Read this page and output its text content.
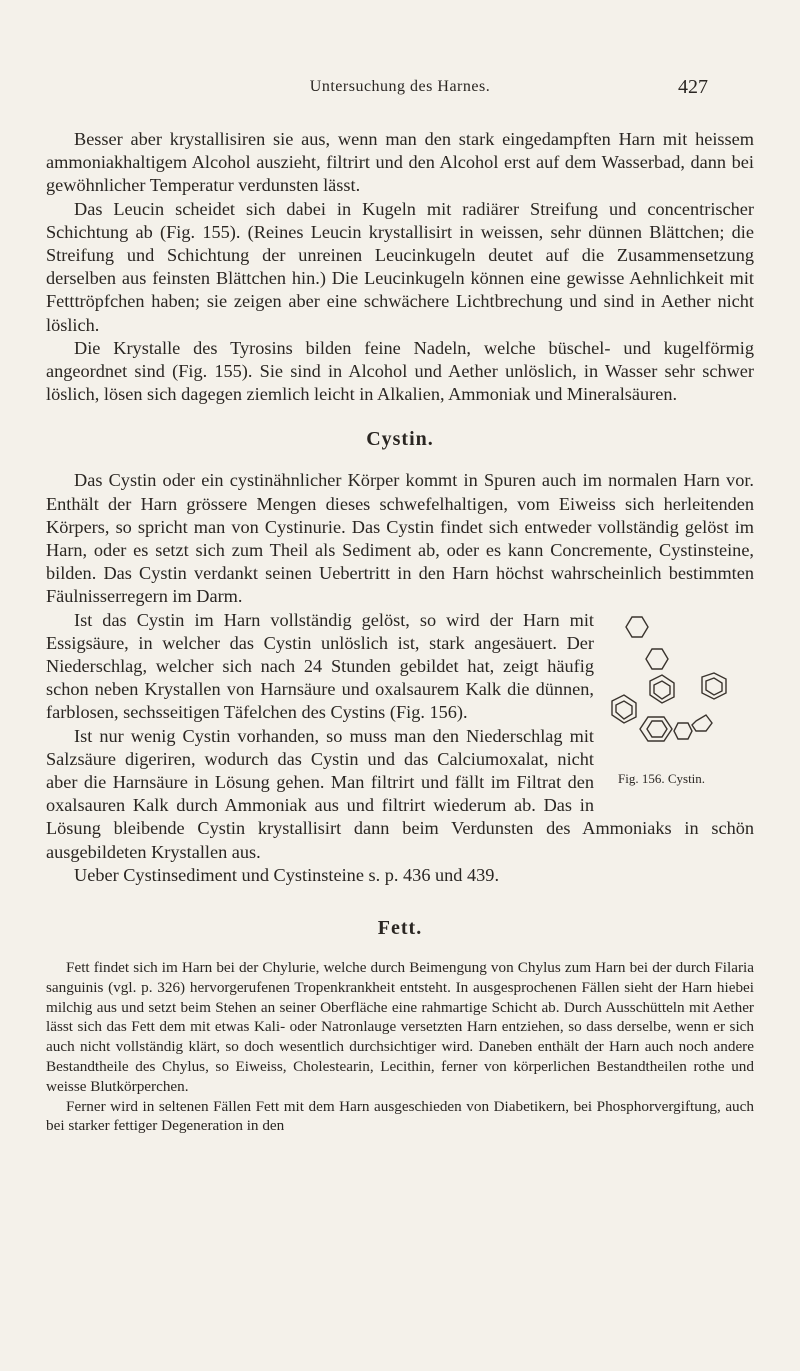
Untersuchung des Harnes.	427

Besser aber krystallisiren sie aus, wenn man den stark eingedampften Harn mit heissem ammoniakhaltigem Alcohol auszieht, filtrirt und den Alcohol erst auf dem Wasserbad, dann bei gewöhnlicher Temperatur verdunsten lässt.

Das Leucin scheidet sich dabei in Kugeln mit radiärer Streifung und concentrischer Schichtung ab (Fig. 155). (Reines Leucin krystallisirt in weissen, sehr dünnen Blättchen; die Streifung und Schichtung der unreinen Leucinkugeln deutet auf die Zusammensetzung derselben aus feinsten Blättchen hin.) Die Leucinkugeln können eine gewisse Aehnlichkeit mit Fetttröpfchen haben; sie zeigen aber eine schwächere Lichtbrechung und sind in Aether nicht löslich.

Die Krystalle des Tyrosins bilden feine Nadeln, welche büschel- und kugelförmig angeordnet sind (Fig. 155). Sie sind in Alcohol und Aether unlöslich, in Wasser sehr schwer löslich, lösen sich dagegen ziemlich leicht in Alkalien, Ammoniak und Mineralsäuren.

Cystin.

Das Cystin oder ein cystinähnlicher Körper kommt in Spuren auch im normalen Harn vor. Enthält der Harn grössere Mengen dieses schwefelhaltigen, vom Eiweiss sich herleitenden Körpers, so spricht man von Cystinurie. Das Cystin findet sich entweder vollständig gelöst im Harn, oder es setzt sich zum Theil als Sediment ab, oder es kann Concremente, Cystinsteine, bilden. Das Cystin verdankt seinen Uebertritt in den Harn höchst wahrscheinlich bestimmten Fäulnisserregern im Darm.

Fig. 156. Cystin.

Ist das Cystin im Harn vollständig gelöst, so wird der Harn mit Essigsäure, in welcher das Cystin unlöslich ist, stark angesäuert. Der Niederschlag, welcher sich nach 24 Stunden gebildet hat, zeigt häufig schon neben Krystallen von Harnsäure und oxalsaurem Kalk die dünnen, farblosen, sechsseitigen Täfelchen des Cystins (Fig. 156).

Ist nur wenig Cystin vorhanden, so muss man den Niederschlag mit Salzsäure digeriren, wodurch das Cystin und das Calciumoxalat, nicht aber die Harnsäure in Lösung gehen. Man filtrirt und fällt im Filtrat den oxalsauren Kalk durch Ammoniak aus und filtrirt wiederum ab. Das in Lösung bleibende Cystin krystallisirt dann beim Verdunsten des Ammoniaks in schön ausgebildeten Krystallen aus.

Ueber Cystinsediment und Cystinsteine s. p. 436 und 439.

Fett.

Fett findet sich im Harn bei der Chylurie, welche durch Beimengung von Chylus zum Harn bei der durch Filaria sanguinis (vgl. p. 326) hervorgerufenen Tropenkrankheit entsteht. In ausgesprochenen Fällen sieht der Harn hiebei milchig aus und setzt beim Stehen an seiner Oberfläche eine rahmartige Schicht ab. Durch Ausschütteln mit Aether lässt sich das Fett dem mit etwas Kali- oder Natronlauge versetzten Harn entziehen, so dass derselbe, wenn er sich auch nicht vollständig klärt, so doch wesentlich durchsichtiger wird. Daneben enthält der Harn auch noch andere Bestandtheile des Chylus, so Eiweiss, Cholestearin, Lecithin, ferner von körperlichen Bestandtheilen rothe und weisse Blutkörperchen.

Ferner wird in seltenen Fällen Fett mit dem Harn ausgeschieden von Diabetikern, bei Phosphorvergiftung, auch bei starker fettiger Degeneration in den
